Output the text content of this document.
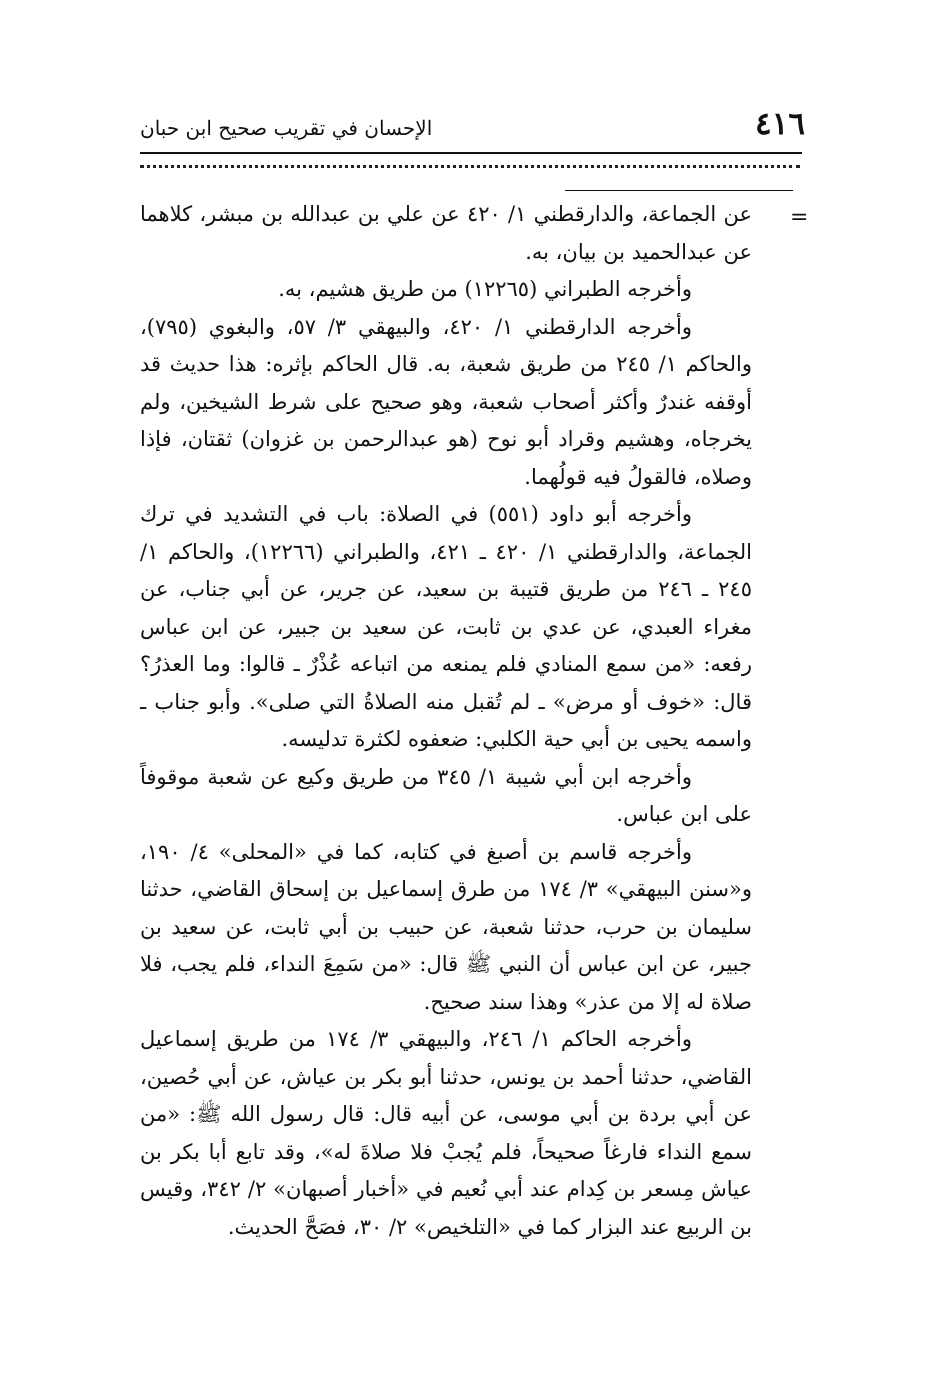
٤١٦
الإحسان في تقريب صحيح ابن حبان
=

عن الجماعة، والدارقطني ١/ ٤٢٠ عن علي بن عبدالله بن مبشر، كلاهما عن عبدالحميد بن بيان، به.

وأخرجه الطبراني (١٢٢٦٥) من طريق هشيم، به.

وأخرجه الدارقطني ١/ ٤٢٠، والبيهقي ٣/ ٥٧، والبغوي (٧٩٥)، والحاكم ١/ ٢٤٥ من طريق شعبة، به. قال الحاكم بإثره: هذا حديث قد أوقفه غندرٌ وأكثر أصحاب شعبة، وهو صحيح على شرط الشيخين، ولم يخرجاه، وهشيم وقراد أبو نوح (هو عبدالرحمن بن غزوان) ثقتان، فإذا وصلاه، فالقولُ فيه قولُهما.

وأخرجه أبو داود (٥٥١) في الصلاة: باب في التشديد في ترك الجماعة، والدارقطني ١/ ٤٢٠ ـ ٤٢١، والطبراني (١٢٢٦٦)، والحاكم ١/ ٢٤٥ ـ ٢٤٦ من طريق قتيبة بن سعيد، عن جرير، عن أبي جناب، عن مغراء العبدي، عن عدي بن ثابت، عن سعيد بن جبير، عن ابن عباس رفعه: «من سمع المنادي فلم يمنعه من اتباعه عُذْرٌ ـ قالوا: وما العذرُ؟ قال: «خوف أو مرض» ـ لم تُقبل منه الصلاةُ التي صلى». وأبو جناب ـ واسمه يحيى بن أبي حية الكلبي: ضعفوه لكثرة تدليسه.

وأخرجه ابن أبي شيبة ١/ ٣٤٥ من طريق وكيع عن شعبة موقوفاً على ابن عباس.

وأخرجه قاسم بن أصبغ في كتابه، كما في «المحلى» ٤/ ١٩٠، و«سنن البيهقي» ٣/ ١٧٤ من طرق إسماعيل بن إسحاق القاضي، حدثنا سليمان بن حرب، حدثنا شعبة، عن حبيب بن أبي ثابت، عن سعيد بن جبير، عن ابن عباس أن النبي ﷺ قال: «من سَمِعَ النداء، فلم يجب، فلا صلاة له إلا من عذر» وهذا سند صحيح.

وأخرجه الحاكم ١/ ٢٤٦، والبيهقي ٣/ ١٧٤ من طريق إسماعيل القاضي، حدثنا أحمد بن يونس، حدثنا أبو بكر بن عياش، عن أبي حُصين، عن أبي بردة بن أبي موسى، عن أبيه قال: قال رسول الله ﷺ: «من سمع النداء فارغاً صحيحاً، فلم يُجبْ فلا صلاةَ له»، وقد تابع أبا بكر بن عياش مِسعر بن كِدام عند أبي نُعيم في «أخبار أصبهان» ٢/ ٣٤٢، وقيس بن الربيع عند البزار كما في «التلخيص» ٢/ ٣٠، فصَحَّ الحديث.
